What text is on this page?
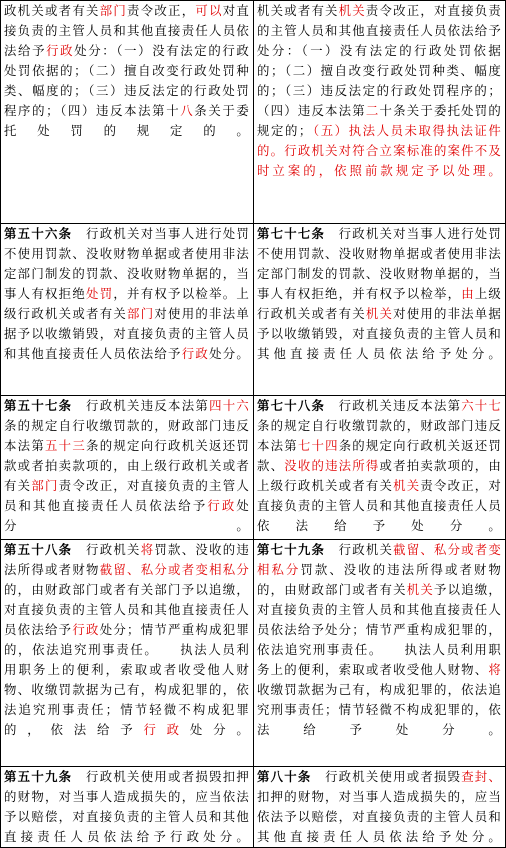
政机关或者有关部门责令改正，可以对直接负责的主管人员和其他直接责任人员依法给予行政处分：（一）没有法定的行政处罚依据的；（二）擅自改变行政处罚种类、幅度的；（三）违反法定的行政处罚程序的；（四）违反本法第十八条关于委托处罚的规定的。	机关或者有关机关责令改正，对直接负责的主管人员和其他直接责任人员依法给予处分：（一）没有法定的行政处罚依据的；（二）擅自改变行政处罚种类、幅度的；（三）违反法定的行政处罚程序的；（四）违反本法第二十条关于委托处罚的规定的；（五）执法人员未取得执法证件的。行政机关对符合立案标准的案件不及时立案的，依照前款规定予以处理。
第五十六条　行政机关对当事人进行处罚不使用罚款、没收财物单据或者使用非法定部门制发的罚款、没收财物单据的，当事人有权拒绝处罚，并有权予以检举。上级行政机关或者有关部门对使用的非法单据予以收缴销毁，对直接负责的主管人员和其他直接责任人员依法给予行政处分。	第七十七条　行政机关对当事人进行处罚不使用罚款、没收财物单据或者使用非法定部门制发的罚款、没收财物单据的，当事人有权拒绝，并有权予以检举，由上级行政机关或者有关机关对使用的非法单据予以收缴销毁，对直接负责的主管人员和其他直接责任人员依法给予处分。
第五十七条　行政机关违反本法第四十六条的规定自行收缴罚款的，财政部门违反本法第五十三条的规定向行政机关返还罚款或者拍卖款项的，由上级行政机关或者有关部门责令改正，对直接负责的主管人员和其他直接责任人员依法给予行政处分。	第七十八条　行政机关违反本法第六十七条的规定自行收缴罚款的，财政部门违反本法第七十四条的规定向行政机关返还罚款、没收的违法所得或者拍卖款项的，由上级行政机关或者有关机关责令改正，对直接负责的主管人员和其他直接责任人员依法给予处分。
第五十八条　行政机关将罚款、没收的违法所得或者财物截留、私分或者变相私分的，由财政部门或者有关部门予以追缴，对直接负责的主管人员和其他直接责任人员依法给予行政处分；情节严重构成犯罪的，依法追究刑事责任。　　执法人员利用职务上的便利，索取或者收受他人财物、收缴罚款据为己有，构成犯罪的，依法追究刑事责任；情节轻微不构成犯罪的，依法给予行政处分。	第七十九条　行政机关截留、私分或者变相私分罚款、没收的违法所得或者财物的，由财政部门或者有关机关予以追缴，对直接负责的主管人员和其他直接责任人员依法给予处分；情节严重构成犯罪的，依法追究刑事责任。　　执法人员利用职务上的便利，索取或者收受他人财物、将收缴罚款据为己有，构成犯罪的，依法追究刑事责任；情节轻微不构成犯罪的，依法给予处分。
第五十九条　行政机关使用或者损毁扣押的财物，对当事人造成损失的，应当依法予以赔偿，对直接负责的主管人员和其他直接责任人员依法给予行政处分。	第八十条　行政机关使用或者损毁查封、扣押的财物，对当事人造成损失的，应当依法予以赔偿，对直接负责的主管人员和其他直接责任人员依法给予处分。
